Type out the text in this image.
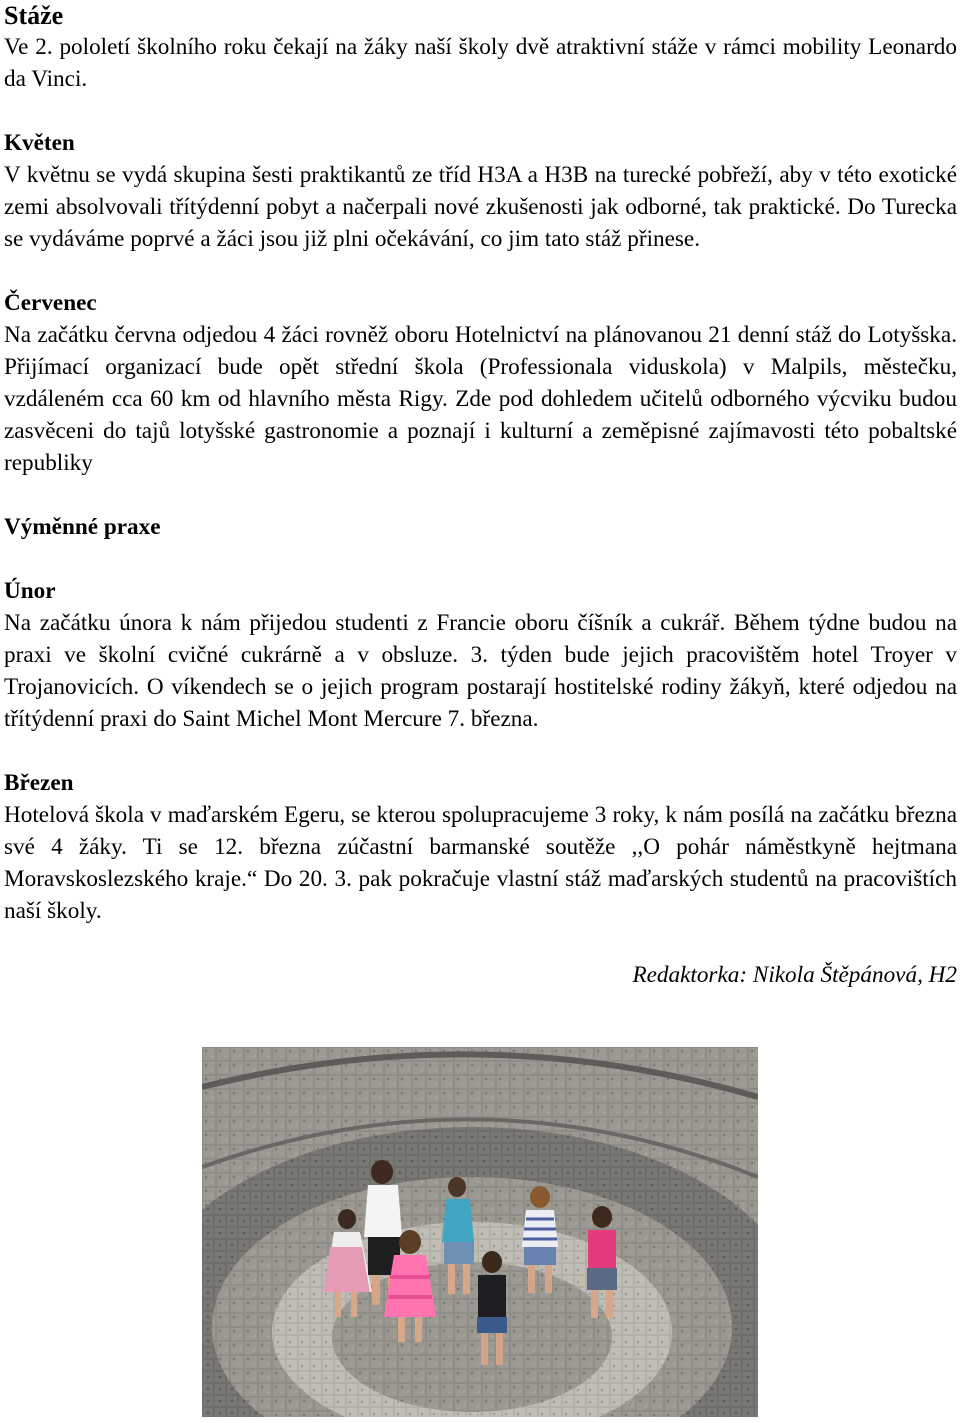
Stáže

Ve 2. pololetí školního roku čekají na žáky naší školy dvě atraktivní stáže v rámci mobility Leonardo da Vinci.

Květen

V květnu se vydá skupina šesti praktikantů ze tříd H3A a H3B na turecké pobřeží, aby v této exotické zemi absolvovali třítýdenní pobyt a načerpali nové zkušenosti jak odborné, tak praktické. Do Turecka se vydáváme poprvé a žáci jsou již plni očekávání, co jim tato stáž přinese.

Červenec

Na začátku června odjedou 4 žáci rovněž oboru Hotelnictví na plánovanou 21 denní stáž do Lotyšska. Přijímací organizací bude opět střední škola (Professionala viduskola) v Malpils, městečku, vzdáleném cca 60 km od hlavního města Rigy. Zde pod dohledem učitelů odborného výcviku budou zasvěceni do tajů lotyšské gastronomie a poznají i kulturní a zeměpisné zajímavosti této pobaltské republiky

Výměnné praxe
Únor

Na začátku února k nám přijedou studenti z Francie oboru číšník a cukrář. Během týdne budou na praxi ve školní cvičné cukrárně a v obsluze. 3. týden bude jejich pracovištěm hotel Troyer v Trojanovicích. O víkendech se o jejich program postarají hostitelské rodiny žákyň, které odjedou na třítýdenní praxi do Saint Michel Mont Mercure 7. března.

Březen

Hotelová škola v maďarském Egeru, se kterou spolupracujeme 3 roky, k nám posílá na začátku března své 4 žáky. Ti se 12. března zúčastní barmanské soutěže ,,O pohár náměstkyně hejtmana Moravskoslezského kraje.“ Do 20. 3. pak pokračuje vlastní stáž maďarských studentů na pracovištích naší školy.

Redaktorka: Nikola Štěpánová, H2
